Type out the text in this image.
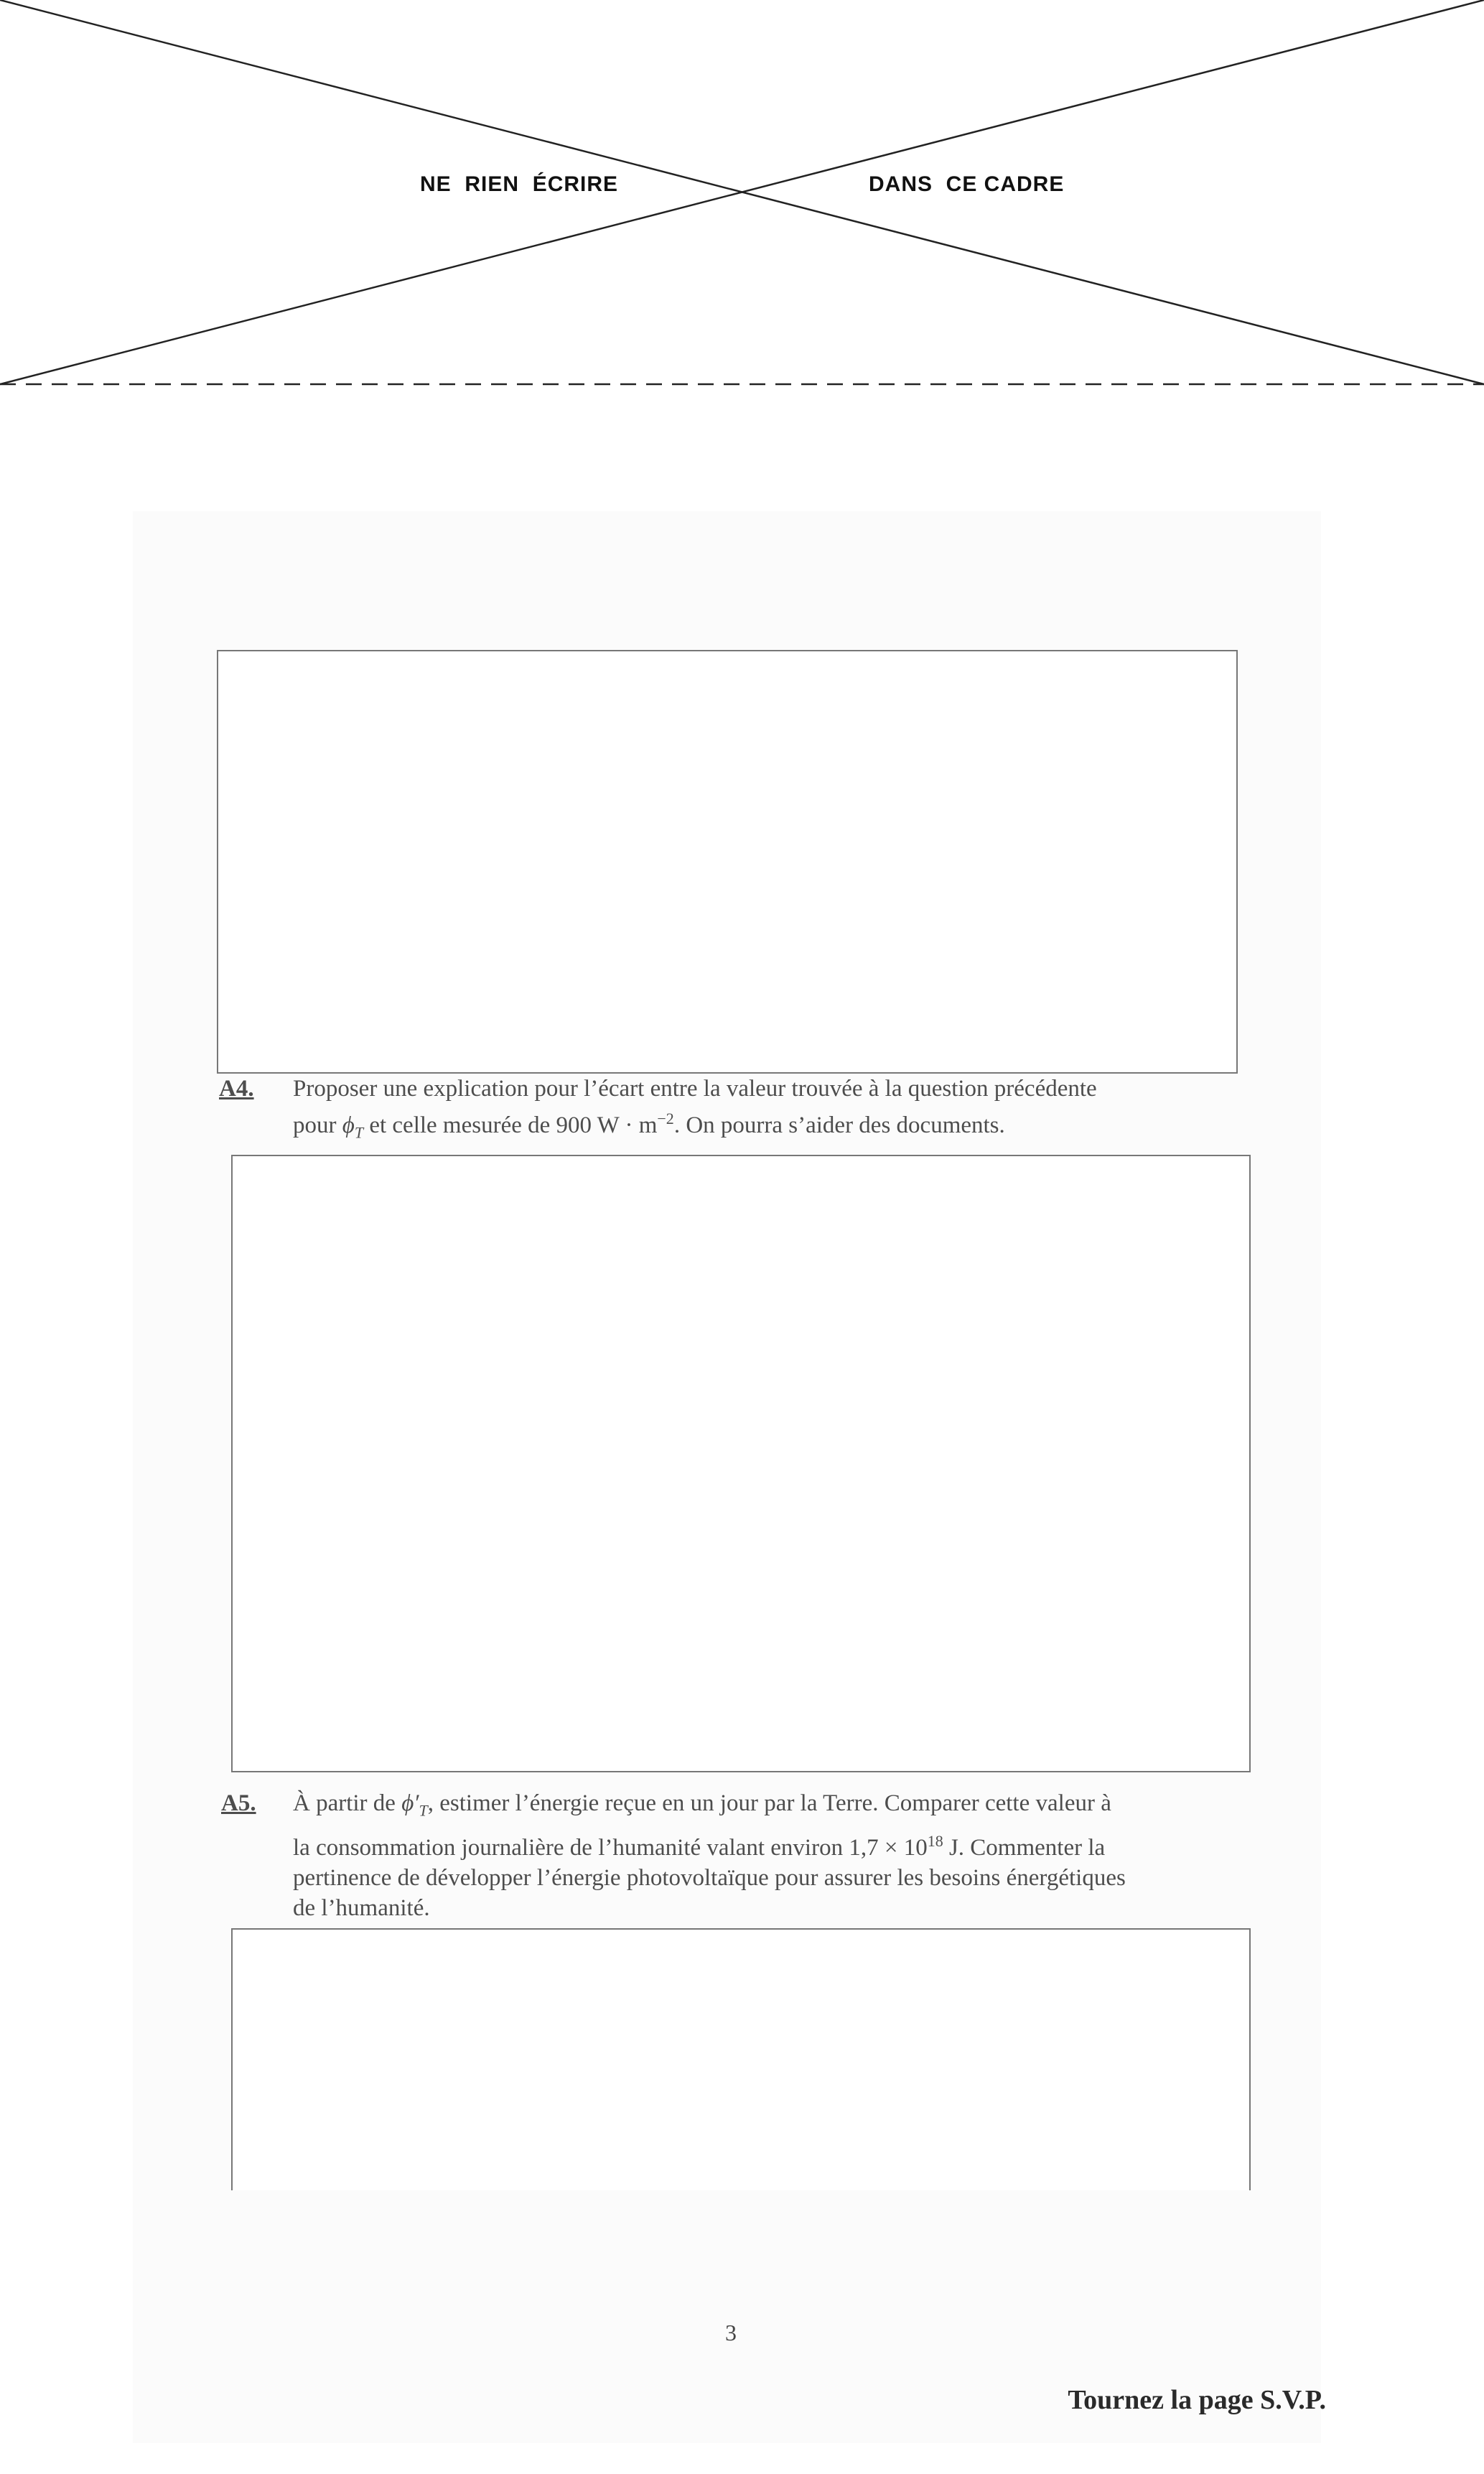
NE  RIEN  ÉCRIRE	DANS  CE CADRE
A4. Proposer une explication pour l’écart entre la valeur trouvée à la question précédente
pour $\phi_T$ et celle mesurée de 900 $W \cdot m^{-2}$. On pourra s’aider des documents.
A5. À partir de $\phi'_T$, estimer l’énergie reçue en un jour par la Terre. Comparer cette valeur à
la consommation journalière de l’humanité valant environ $1,7 \times 10^{18}$ J. Commenter la
pertinence de développer l’énergie photovoltaïque pour assurer les besoins énergétiques
de l’humanité.
3
Tournez la page S.V.P.
